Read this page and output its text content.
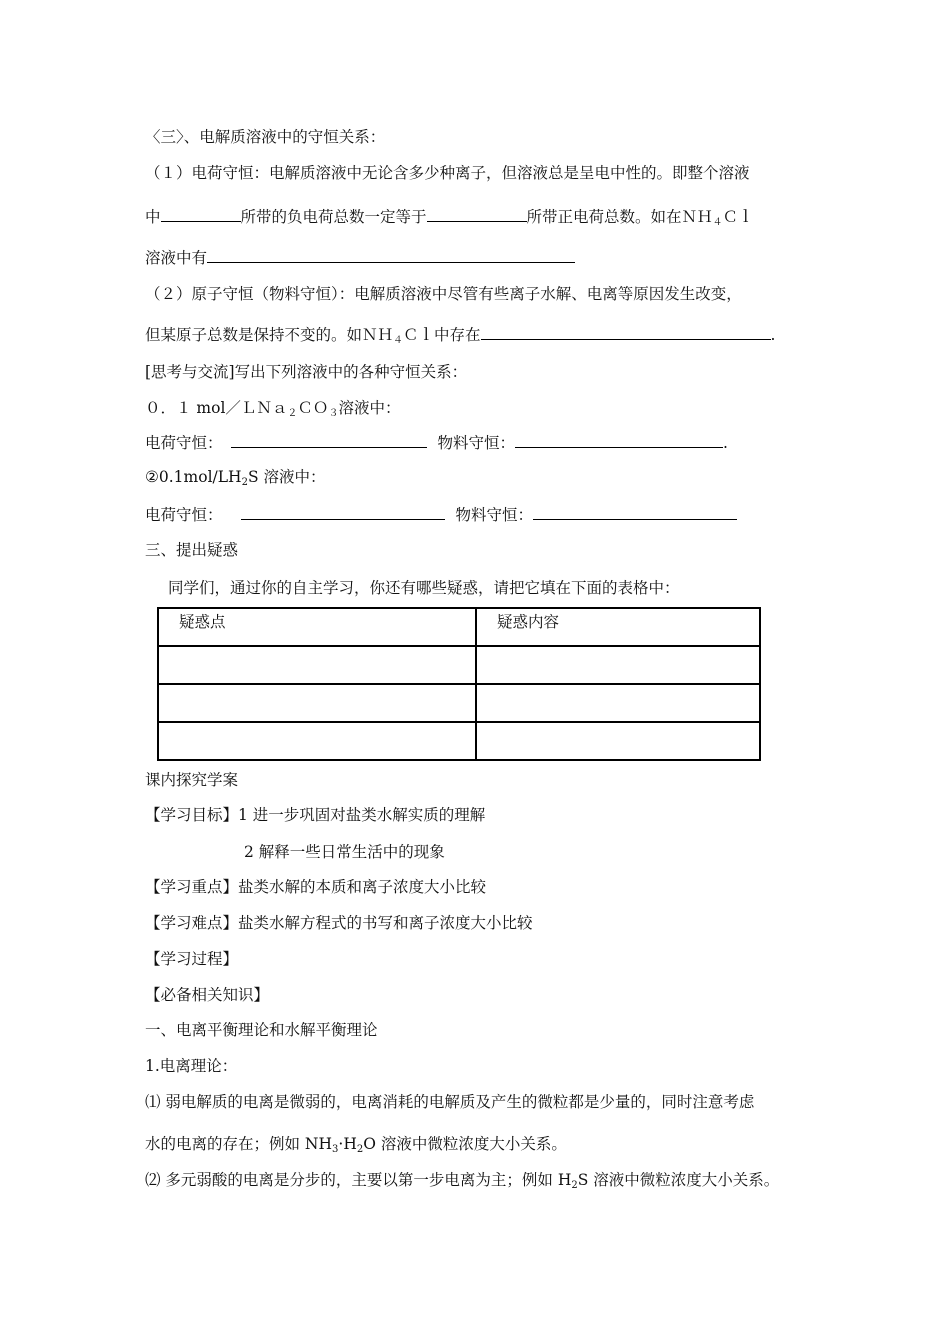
〈三〉、电解质溶液中的守恒关系：
（１）电荷守恒：电解质溶液中无论含多少种离子，但溶液总是呈电中性的。即整个溶液
中	所带的负电荷总数一定等于	所带正电荷总数。如在ＮＨ$_4$Ｃｌ
溶液中有
（２）原子守恒（物料守恒）：电解质溶液中尽管有些离子水解、电离等原因发生改变，
但某原子总数是保持不变的。如ＮＨ$_4$Ｃｌ中存在	.
[思考与交流]写出下列溶液中的各种守恒关系：
０．１ mol／ＬＮａ$_2$ＣＯ$_3$溶液中：
电荷守恒：	物料守恒：	.
$②0.1mol/LH_2S$ 溶液中：
电荷守恒：	物料守恒：
三、提出疑惑
同学们，通过你的自主学习，你还有哪些疑惑，请把它填在下面的表格中：
疑惑点	疑惑内容

课内探究学案
【学习目标】1 进一步巩固对盐类水解实质的理解
2 解释一些日常生活中的现象
【学习重点】盐类水解的本质和离子浓度大小比较
【学习难点】盐类水解方程式的书写和离子浓度大小比较
【学习过程】
【必备相关知识】
一、电离平衡理论和水解平衡理论
1.电离理论：
⑴ 弱电解质的电离是微弱的，电离消耗的电解质及产生的微粒都是少量的，同时注意考虑
水的电离的存在；例如 $NH_3\cdot H_2O$ 溶液中微粒浓度大小关系。
⑵ 多元弱酸的电离是分步的，主要以第一步电离为主；例如 $H_2S$ 溶液中微粒浓度大小关系。
